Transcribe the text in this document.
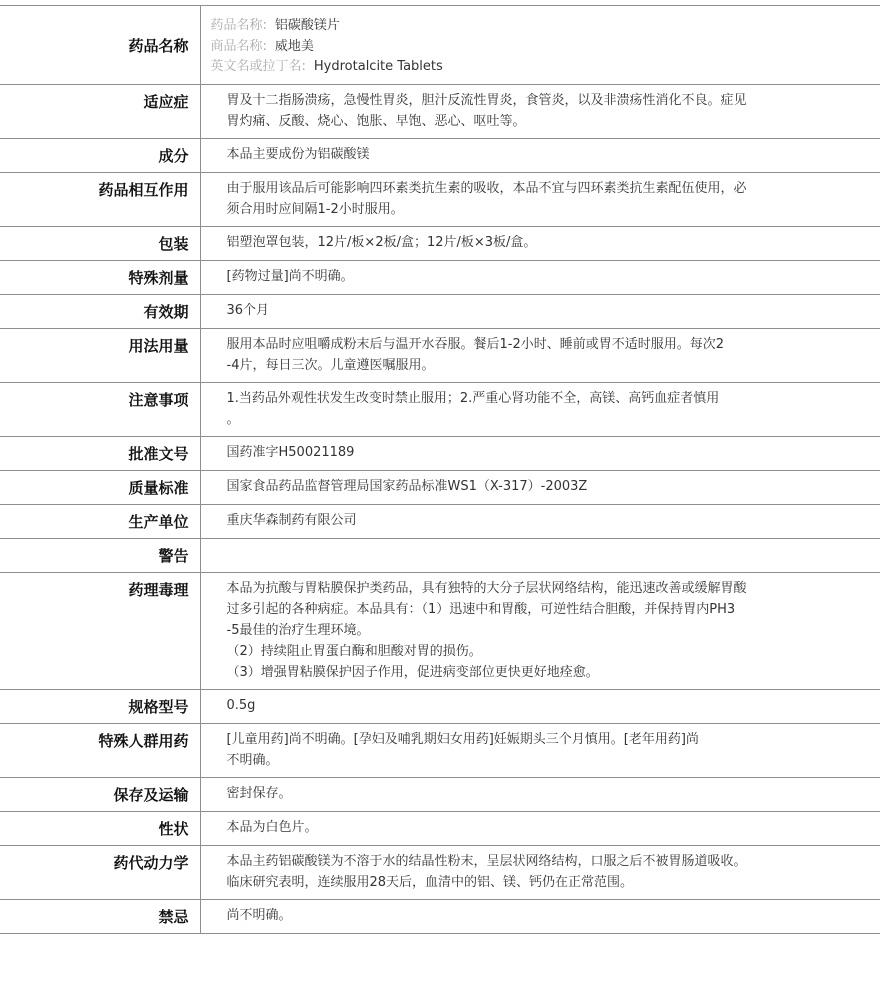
药品名称	药品名称: 铝碳酸镁片

商品名称: 威地美

英文名或拉丁名: Hydrotalcite Tablets

适应症	胃及十二指肠溃疡，急慢性胃炎，胆汁反流性胃炎，食管炎，以及非溃疡性消化不良。症见

胃灼痛、反酸、烧心、饱胀、早饱、恶心、呕吐等。

成分	本品主要成份为铝碳酸镁

药品相互作用	由于服用该品后可能影响四环素类抗生素的吸收，本品不宜与四环素类抗生素配伍使用，必

须合用时应间隔1-2小时服用。

包装	铝塑泡罩包装，12片/板×2板/盒；12片/板×3板/盒。

特殊剂量	[药物过量]尚不明确。

有效期	36个月

用法用量	服用本品时应咀嚼成粉末后与温开水吞服。餐后1-2小时、睡前或胃不适时服用。每次2

-4片，每日三次。儿童遵医嘱服用。

注意事项	1.当药品外观性状发生改变时禁止服用；2.严重心肾功能不全，高镁、高钙血症者慎用

。

批准文号	国药准字H50021189

质量标准	国家食品药品监督管理局国家药品标准WS1（X-317）-2003Z

生产单位	重庆华森制药有限公司

警告	
药理毒理	本品为抗酸与胃粘膜保护类药品，具有独特的大分子层状网络结构，能迅速改善或缓解胃酸

过多引起的各种病症。本品具有：（1）迅速中和胃酸，可逆性结合胆酸，并保持胃内PH3

-5最佳的治疗生理环境。

（2）持续阻止胃蛋白酶和胆酸对胃的损伤。

（3）增强胃粘膜保护因子作用，促进病变部位更快更好地痊愈。

规格型号	0.5g

特殊人群用药	[儿童用药]尚不明确。[孕妇及哺乳期妇女用药]妊娠期头三个月慎用。[老年用药]尚

不明确。

保存及运输	密封保存。

性状	本品为白色片。

药代动力学	本品主药铝碳酸镁为不溶于水的结晶性粉末，呈层状网络结构，口服之后不被胃肠道吸收。

临床研究表明，连续服用28天后，血清中的铝、镁、钙仍在正常范围。

禁忌	尚不明确。
